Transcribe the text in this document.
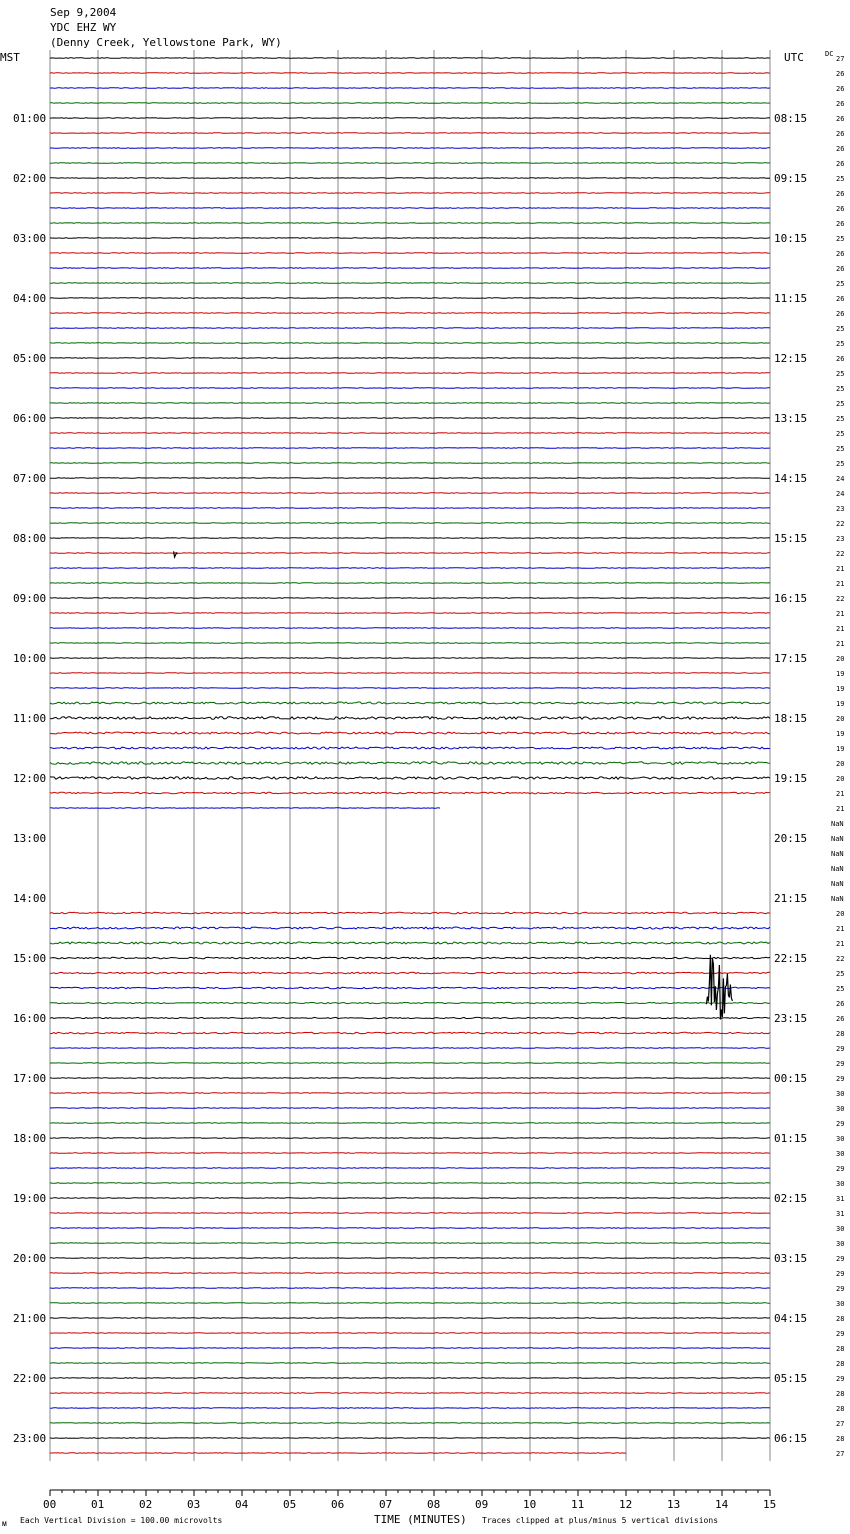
Sep 9,2004
YDC EHZ WY
(Denny Creek, Yellowstone Park, WY)
MST	UTC	DC
01:00
02:00
03:00
04:00
05:00
06:00
07:00
08:00
09:00
10:00
11:00
12:00
13:00
14:00
15:00
16:00
17:00
18:00
19:00
20:00
21:00
22:00
23:00
08:15
09:15
10:15
11:15
12:15
13:15
14:15
15:15
16:15
17:15
18:15
19:15
20:15
21:15
22:15
23:15
00:15
01:15
02:15
03:15
04:15
05:15
06:15
27
26
26
26
26
26
26
26
25
26
26
26
25
26
26
25
26
26
25
25
26
25
25
25
25
25
25
25
24
24
23
22
23
22
21
21
22
21
21
21
20
19
19
19
20
19
19
20
20
21
21
NaN
NaN
NaN
NaN
NaN
NaN
20
21
21
22
25
25
26
26
28
29
29
29
30
30
29
30
30
29
30
31
31
30
30
29
29
29
30
28
29
28
28
29
28
28
27
28
27
00	01	02	03	04	05	06	07	08	09	10	11	12	13	14	15
TIME (MINUTES)
Each Vertical Division = 100.00 microvolts	Traces clipped at plus/minus 5 vertical divisions
ᴍ
